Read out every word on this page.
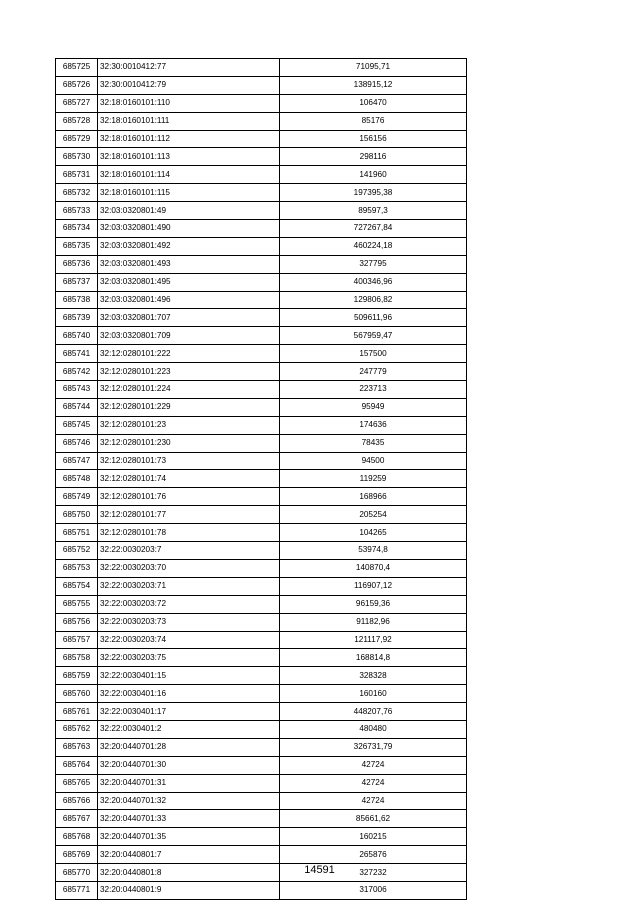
685725	32:30:0010412:77	71095,71
685726	32:30:0010412:79	138915,12
685727	32:18:0160101:110	106470
685728	32:18:0160101:111	85176
685729	32:18:0160101:112	156156
685730	32:18:0160101:113	298116
685731	32:18:0160101:114	141960
685732	32:18:0160101:115	197395,38
685733	32:03:0320801:49	89597,3
685734	32:03:0320801:490	727267,84
685735	32:03:0320801:492	460224,18
685736	32:03:0320801:493	327795
685737	32:03:0320801:495	400346,96
685738	32:03:0320801:496	129806,82
685739	32:03:0320801:707	509611,96
685740	32:03:0320801:709	567959,47
685741	32:12:0280101:222	157500
685742	32:12:0280101:223	247779
685743	32:12:0280101:224	223713
685744	32:12:0280101:229	95949
685745	32:12:0280101:23	174636
685746	32:12:0280101:230	78435
685747	32:12:0280101:73	94500
685748	32:12:0280101:74	119259
685749	32:12:0280101:76	168966
685750	32:12:0280101:77	205254
685751	32:12:0280101:78	104265
685752	32:22:0030203:7	53974,8
685753	32:22:0030203:70	140870,4
685754	32:22:0030203:71	116907,12
685755	32:22:0030203:72	96159,36
685756	32:22:0030203:73	91182,96
685757	32:22:0030203:74	121117,92
685758	32:22:0030203:75	168814,8
685759	32:22:0030401:15	328328
685760	32:22:0030401:16	160160
685761	32:22:0030401:17	448207,76
685762	32:22:0030401:2	480480
685763	32:20:0440701:28	326731,79
685764	32:20:0440701:30	42724
685765	32:20:0440701:31	42724
685766	32:20:0440701:32	42724
685767	32:20:0440701:33	85661,62
685768	32:20:0440701:35	160215
685769	32:20:0440801:7	265876
685770	32:20:0440801:8	327232
685771	32:20:0440801:9	317006
14591
